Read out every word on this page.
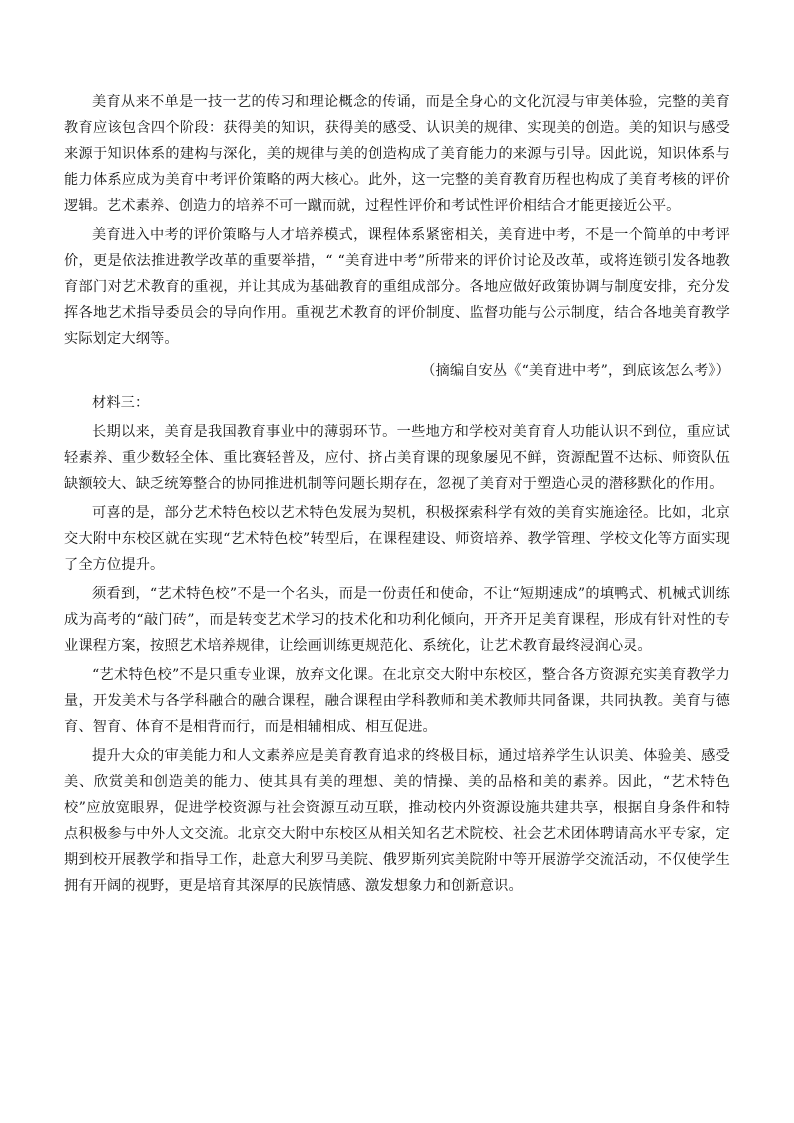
美育从来不单是一技一艺的传习和理论概念的传诵，而是全身心的文化沉浸与审美体验，完整的美育教育应该包含四个阶段：获得美的知识，获得美的感受、认识美的规律、实现美的创造。美的知识与感受来源于知识体系的建构与深化，美的规律与美的创造构成了美育能力的来源与引导。因此说，知识体系与能力体系应成为美育中考评价策略的两大核心。此外，这一完整的美育教育历程也构成了美育考核的评价逻辑。艺术素养、创造力的培养不可一蹴而就，过程性评价和考试性评价相结合才能更接近公平。

美育进入中考的评价策略与人才培养模式，课程体系紧密相关，美育进中考，不是一个简单的中考评价，更是依法推进教学改革的重要举措，“ “美育进中考”所带来的评价讨论及改革，或将连锁引发各地教育部门对艺术教育的重视，并让其成为基础教育的重组成部分。各地应做好政策协调与制度安排，充分发挥各地艺术指导委员会的导向作用。重视艺术教育的评价制度、监督功能与公示制度，结合各地美育教学实际划定大纲等。

（摘编自安丛《“美育进中考”，到底该怎么考》）

材料三：

长期以来，美育是我国教育事业中的薄弱环节。一些地方和学校对美育育人功能认识不到位，重应试轻素养、重少数轻全体、重比赛轻普及，应付、挤占美育课的现象屡见不鲜，资源配置不达标、师资队伍缺额较大、缺乏统筹整合的协同推进机制等问题长期存在，忽视了美育对于塑造心灵的潜移默化的作用。

可喜的是，部分艺术特色校以艺术特色发展为契机，积极探索科学有效的美育实施途径。比如，北京交大附中东校区就在实现“艺术特色校”转型后，在课程建设、师资培养、教学管理、学校文化等方面实现了全方位提升。

须看到，“艺术特色校”不是一个名头，而是一份责任和使命，不让“短期速成”的填鸭式、机械式训练成为高考的“敲门砖”，而是转变艺术学习的技术化和功利化倾向，开齐开足美育课程，形成有针对性的专业课程方案，按照艺术培养规律，让绘画训练更规范化、系统化，让艺术教育最终浸润心灵。

“艺术特色校”不是只重专业课，放弃文化课。在北京交大附中东校区，整合各方资源充实美育教学力量，开发美术与各学科融合的融合课程，融合课程由学科教师和美术教师共同备课，共同执教。美育与德育、智育、体育不是相背而行，而是相辅相成、相互促进。

提升大众的审美能力和人文素养应是美育教育追求的终极目标，通过培养学生认识美、体验美、感受美、欣赏美和创造美的能力、使其具有美的理想、美的情操、美的品格和美的素养。因此，“艺术特色校”应放宽眼界，促进学校资源与社会资源互动互联，推动校内外资源设施共建共享，根据自身条件和特点积极参与中外人文交流。北京交大附中东校区从相关知名艺术院校、社会艺术团体聘请高水平专家，定期到校开展教学和指导工作，赴意大利罗马美院、俄罗斯列宾美院附中等开展游学交流活动，不仅使学生拥有开阔的视野，更是培育其深厚的民族情感、激发想象力和创新意识。
